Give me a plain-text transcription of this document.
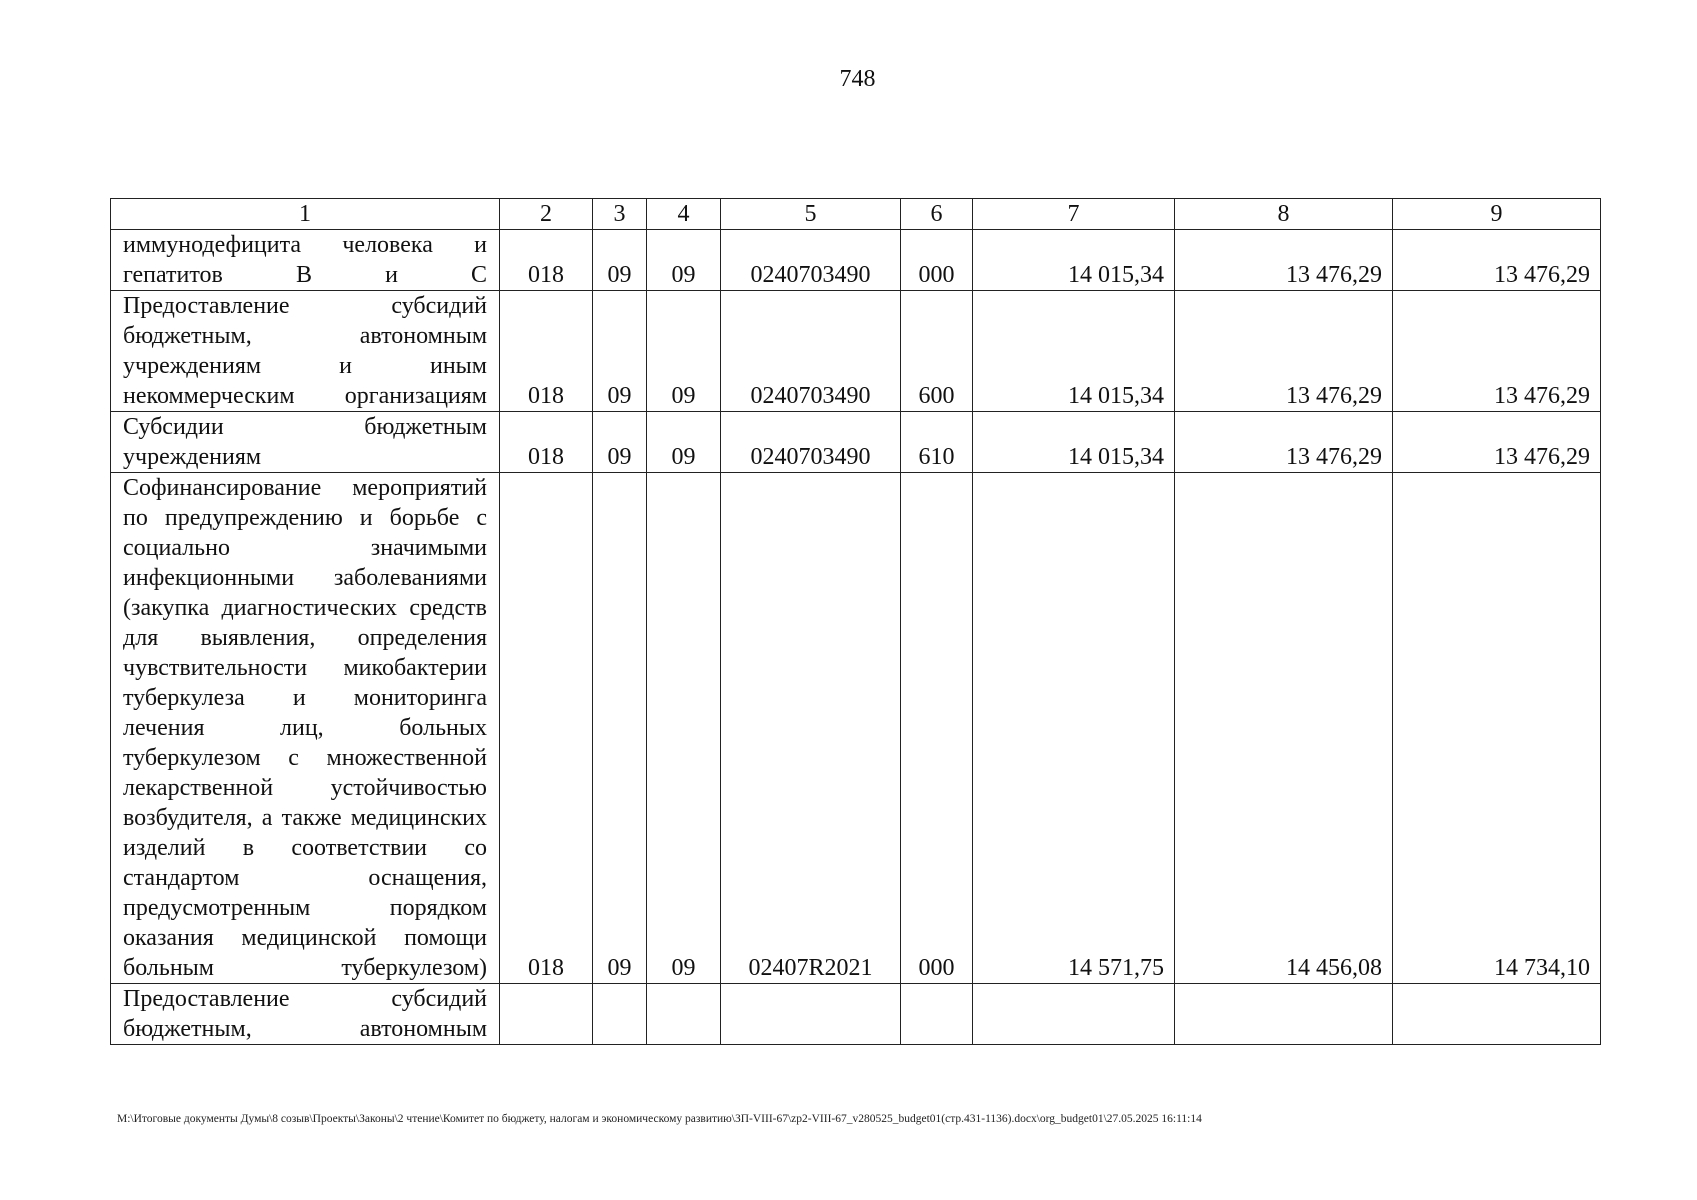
748
1	2	3	4	5	6	7	8	9
иммунодефицита человека и гепатитов В и С	018	09	09	0240703490	000	14 015,34	13 476,29	13 476,29
Предоставление субсидий бюджетным, автономным учреждениям и иным некоммерческим организациям	018	09	09	0240703490	600	14 015,34	13 476,29	13 476,29
Субсидии бюджетным учреждениям	018	09	09	0240703490	610	14 015,34	13 476,29	13 476,29
Софинансирование мероприятий по предупреждению и борьбе с социально значимыми инфекционными заболеваниями (закупка диагностических средств для выявления, определения чувствительности микобактерии туберкулеза и мониторинга лечения лиц, больных туберкулезом с множественной лекарственной устойчивостью возбудителя, а также медицинских изделий в соответствии со стандартом оснащения, предусмотренным порядком оказания медицинской помощи больным туберкулезом)	018	09	09	02407R2021	000	14 571,75	14 456,08	14 734,10
Предоставление субсидий бюджетным, автономным								
M:\Итоговые документы Думы\8 созыв\Проекты\Законы\2 чтение\Комитет по бюджету, налогам и экономическому развитию\ЗП-VIII-67\zp2-VIII-67_v280525_budget01(стр.431-1136).docx\org_budget01\27.05.2025 16:11:14
